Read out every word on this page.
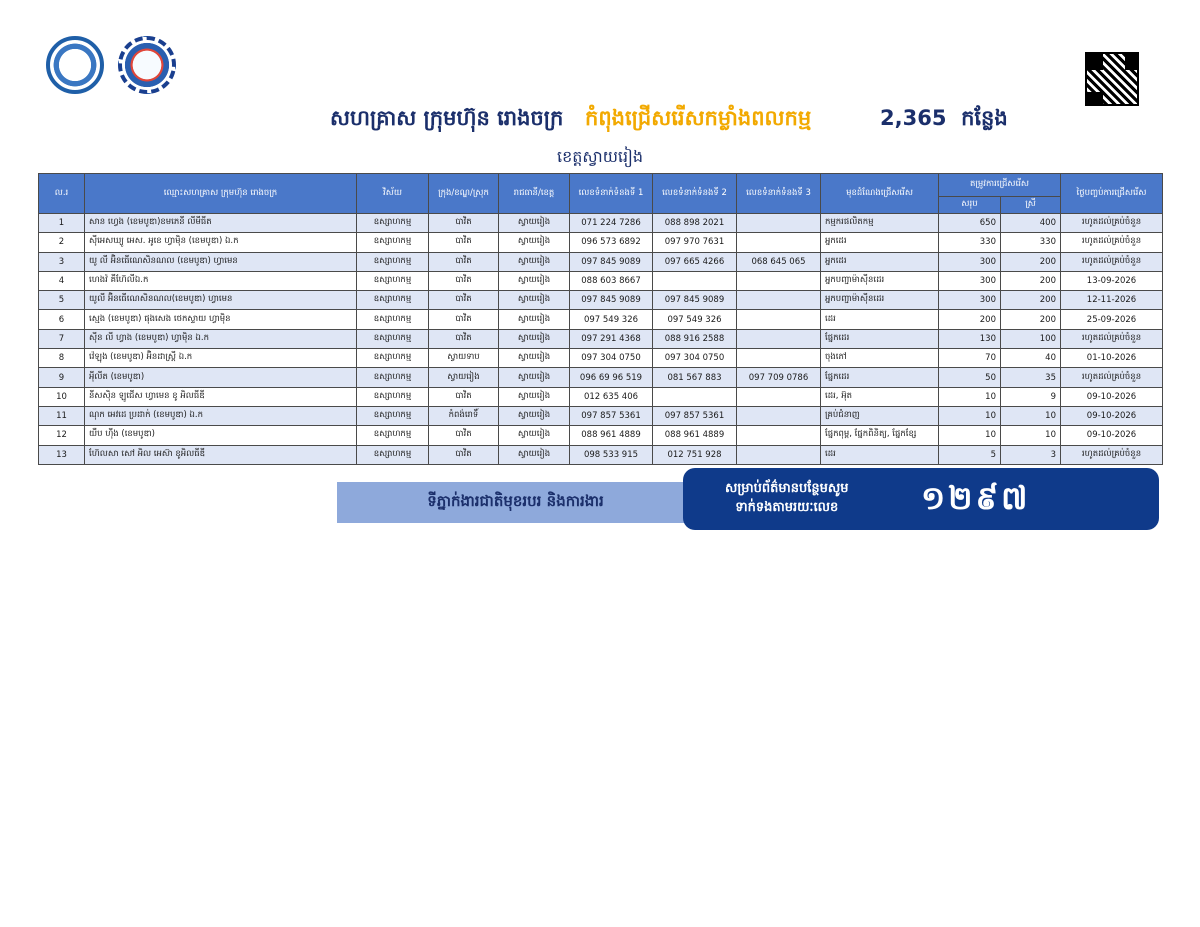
សហគ្រាស ក្រុមហ៊ុន រោងចក្រ កំពុងជ្រើសរើសកម្លាំងពលកម្ម	2,365 កន្លែង
ខេត្តស្វាយរៀង
ល.រ	ឈ្មោះសហគ្រាស ក្រុមហ៊ុន រោងចក្រ	វិស័យ	ក្រុង/ខណ្ឌ/ស្រុក	រាជធានី/ខេត្ត	លេខទំនាក់ទំនងទី 1	លេខទំនាក់ទំនងទី 2	លេខទំនាក់ទំនងទី 3	មុខដំណែងជ្រើសរើស	តម្រូវការជ្រើសរើស		ថ្ងៃបញ្ចប់ការជ្រើសរើស
									សរុប	ស្រី	
1	សាន ហ្វេង (ខេមបូឌា)ខមភេនី លីមីធីត	ឧស្សាហកម្ម	បាវិត	ស្វាយរៀង	071 224 7286	088 898 2021		កម្មករផលិតកម្ម	650	400	រហូតដល់គ្រប់ចំនួន
2	ស៊ីអេសឃ្យូ អេស. អូខេ ហ្វាម៉ិន (ខេមបូឌា) ឯ.ក	ឧស្សាហកម្ម	បាវិត	ស្វាយរៀង	096 573 6892	097 970 7631		អ្នកដេរ	330	330	រហូតដល់គ្រប់ចំនួន
3	យូ លី អ៊ិនធើណេសិនណល (ខេមបូឌា) ហ្វាមេន	ឧស្សាហកម្ម	បាវិត	ស្វាយរៀង	097 845 9089	097 665 4266	068 645 065	អ្នកដេរ	300	200	រហូតដល់គ្រប់ចំនួន
4	ហេងវ៉ គីហ៊ែលីឯ.ក	ឧស្សាហកម្ម	បាវិត	ស្វាយរៀង	088 603 8667			អ្នកបញ្ជាម៉ាស៊ីនដេរ	300	200	13-09-2026
5	យូលី អ៊ិនធើណេសិនណល(ខេមបូឌា) ហ្វាមេន	ឧស្សាហកម្ម	បាវិត	ស្វាយរៀង	097 845 9089	097 845 9089		អ្នកបញ្ជាម៉ាស៊ីនដេរ	300	200	12-11-2026
6	ស្មេង (ខេមបូឌា) ផុងសេង ថេកស្ទាយ ហ្វាម៉ិន	ឧស្សាហកម្ម	បាវិត	ស្វាយរៀង	097 549 326	097 549 326		ដេរ	200	200	25-09-2026
7	ស៊ីន លី ហ្វាង (ខេមបូឌា) ហ្វាម៉ិន ឯ.ក	ឧស្សាហកម្ម	បាវិត	ស្វាយរៀង	097 291 4368	088 916 2588		ផ្នែកដេរ	130	100	រហូតដល់គ្រប់ចំនួន
8	វ៉េឡុង (ខេមបូឌា) អ៊ិនដាស្ត្រី ឯ.ក	ឧស្សាហកម្ម	ស្វាយទាប	ស្វាយរៀង	097 304 0750	097 304 0750		ចុងភៅ	70	40	01-10-2026
9	អុីលីត (ខេមបូឌា)	ឧស្សាហកម្ម	ស្វាយរៀង	ស្វាយរៀង	096 69 96 519	081 567 883	097 709 0786	ផ្នែកដេរ	50	35	រហូតដល់គ្រប់ចំនួន
10	នីសស៊ិន ឡូជើស ហ្វាមេន ខូ អិលធីឌី	ឧស្សាហកម្ម	បាវិត	ស្វាយរៀង	012 635 406			ដេរ, អ៊ុត	10	9	09-10-2026
11	ណុក អេវដេ ប្រដាក់ (ខេមបូឌា) ឯ.ក	ឧស្សាហកម្ម	កំពង់រោទិ៍	ស្វាយរៀង	097 857 5361	097 857 5361		គ្រប់ជំនាញ	10	10	09-10-2026
12	យឺប ហ៊ីង (ខេមបូឌា)	ឧស្សាហកម្ម	បាវិត	ស្វាយរៀង	088 961 4889	088 961 4889		ផ្នែកពុម្ព, ផ្នែកពិនិត្យ, ផ្នែកខ្សែ	10	10	09-10-2026
13	ហ៊ែលសា សៅ អិល អេស៊ា ខូអិលធីឌី	ឧស្សាហកម្ម	បាវិត	ស្វាយរៀង	098 533 915	012 751 928		ដេរ	5	3	រហូតដល់គ្រប់ចំនួន
ទីភ្នាក់ងារជាតិមុខរបរ និងការងារ
សម្រាប់ព័ត៌មានបន្ថែមសូម
ទាក់ទងតាមរយៈលេខ	១២៩៧
